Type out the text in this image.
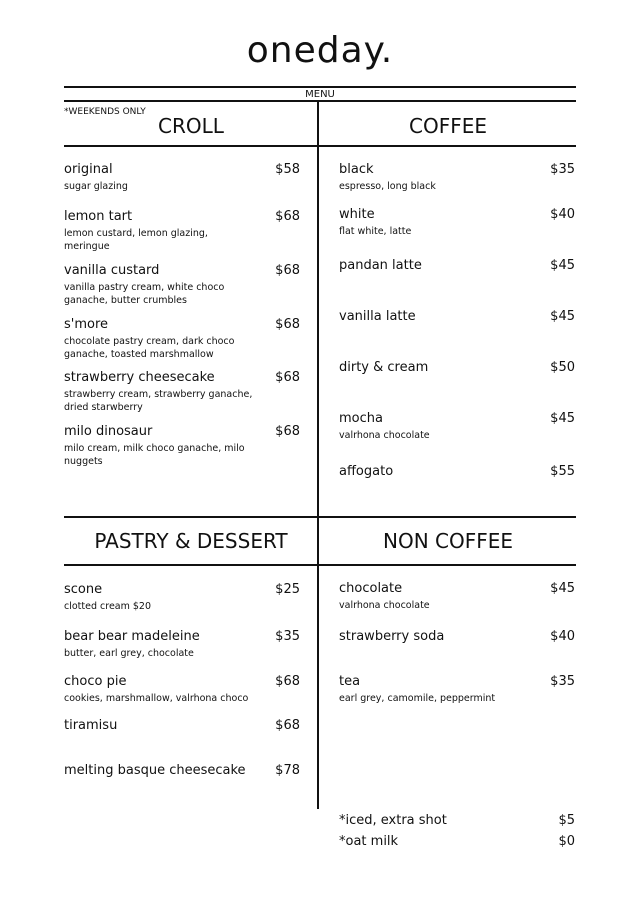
oneday.
MENU
*WEEKENDS ONLY
CROLL	COFFEE
original	$58
sugar glazing
lemon tart	$68
lemon custard, lemon glazing, meringue
vanilla custard	$68
vanilla pastry cream, white choco ganache, butter crumbles
s'more	$68
chocolate pastry cream, dark choco ganache, toasted marshmallow
strawberry cheesecake	$68
strawberry cream, strawberry ganache, dried starwberry
milo dinosaur	$68
milo cream, milk choco ganache, milo nuggets
black	$35
espresso, long black
white	$40
flat white, latte
pandan latte	$45
vanilla latte	$45
dirty & cream	$50
mocha	$45
valrhona chocolate
affogato	$55
PASTRY & DESSERT	NON COFFEE
scone	$25
clotted cream $20
bear bear madeleine	$35
butter, earl grey, chocolate
choco pie	$68
cookies, marshmallow, valrhona choco
tiramisu	$68
melting basque cheesecake $78
chocolate	$45
valrhona chocolate
strawberry soda	$40
tea	$35
earl grey, camomile, peppermint
*iced, extra shot	$5
*oat milk	$0
